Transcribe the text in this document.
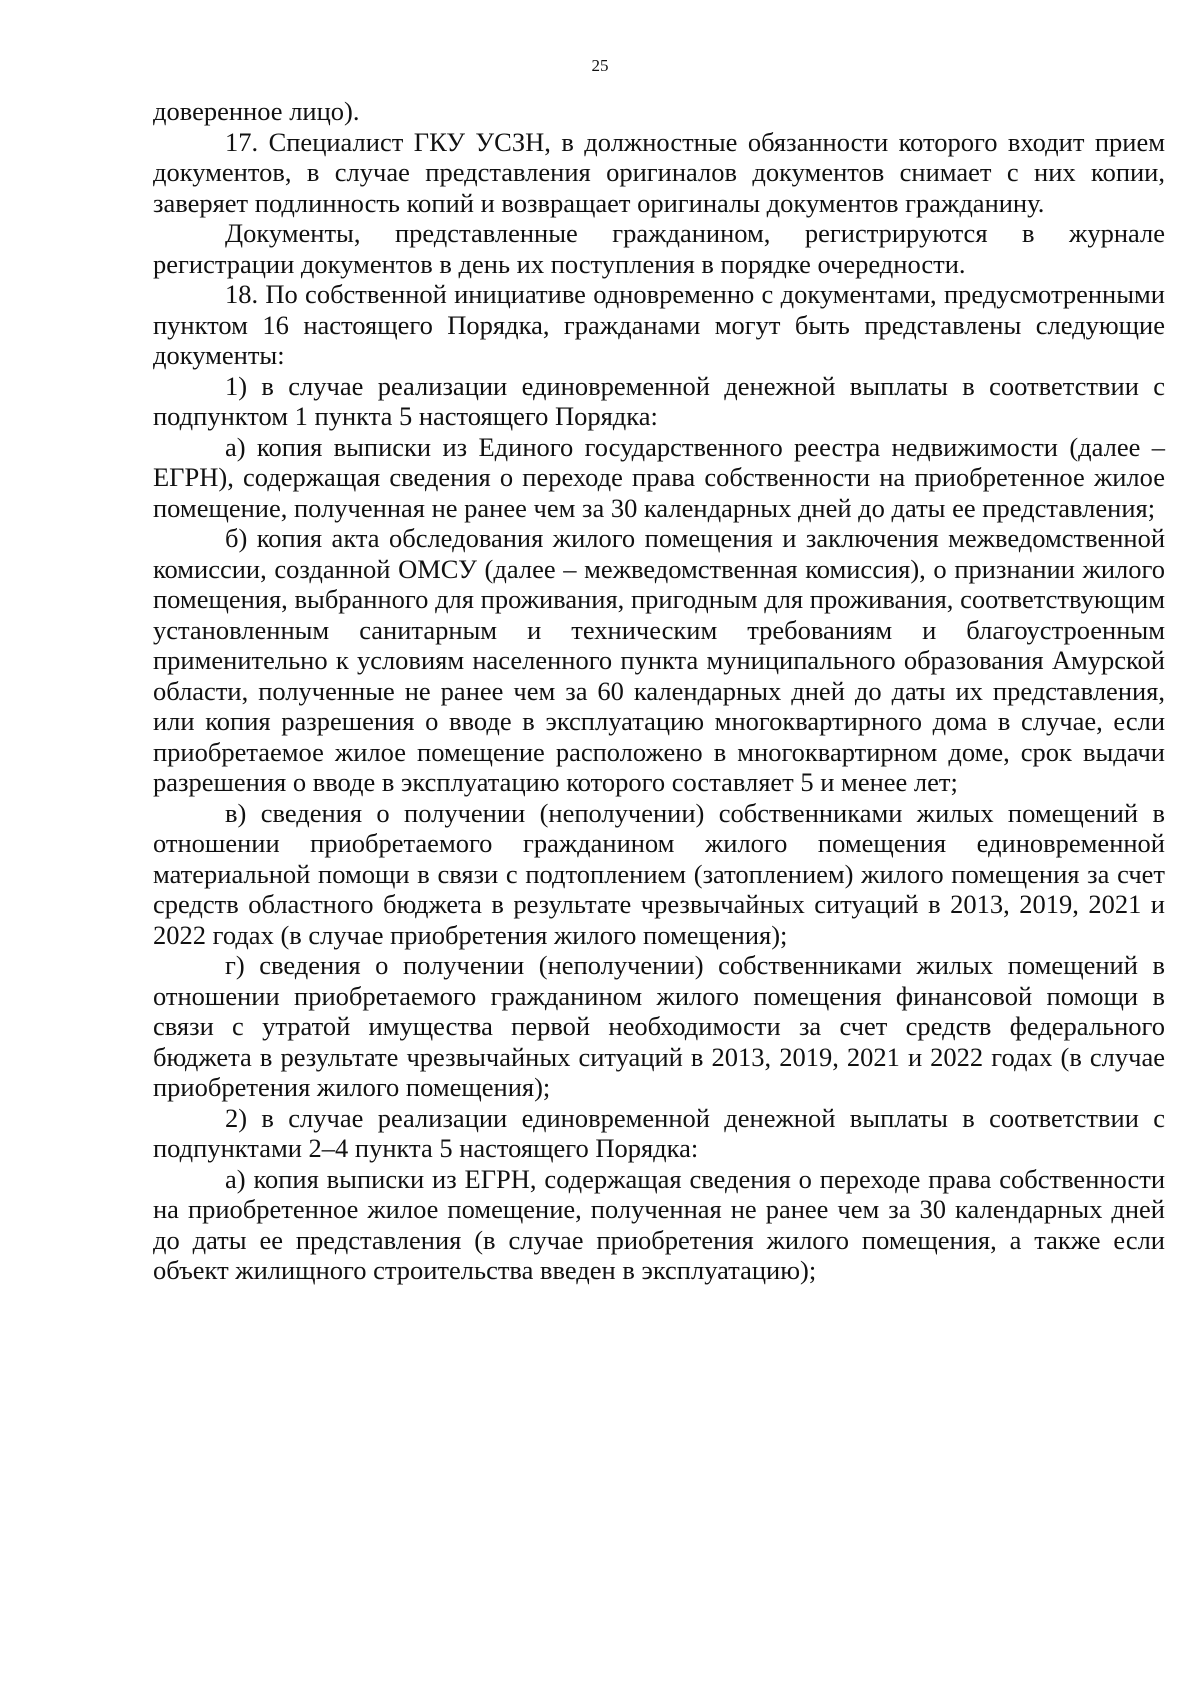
25

доверенное лицо).

17. Специалист ГКУ УСЗН, в должностные обязанности которого входит прием документов, в случае представления оригиналов документов снимает с них копии, заверяет подлинность копий и возвращает оригиналы документов гражданину.

Документы, представленные гражданином, регистрируются в журнале регистрации документов в день их поступления в порядке очередности.

18. По собственной инициативе одновременно с документами, предусмотренными пунктом 16 настоящего Порядка, гражданами могут быть представлены следующие документы:

1) в случае реализации единовременной денежной выплаты в соответствии с подпунктом 1 пункта 5 настоящего Порядка:

а) копия выписки из Единого государственного реестра недвижимости (далее – ЕГРН), содержащая сведения о переходе права собственности на приобретенное жилое помещение, полученная не ранее чем за 30 календарных дней до даты ее представления;

б) копия акта обследования жилого помещения и заключения межведомственной комиссии, созданной ОМСУ (далее – межведомственная комиссия), о признании жилого помещения, выбранного для проживания, пригодным для проживания, соответствующим установленным санитарным и техническим требованиям и благоустроенным применительно к условиям населенного пункта муниципального образования Амурской области, полученные не ранее чем за 60 календарных дней до даты их представления, или копия разрешения о вводе в эксплуатацию многоквартирного дома в случае, если приобретаемое жилое помещение расположено в многоквартирном доме, срок выдачи разрешения о вводе в эксплуатацию которого составляет 5 и менее лет;

в) сведения о получении (неполучении) собственниками жилых помещений в отношении приобретаемого гражданином жилого помещения единовременной материальной помощи в связи с подтоплением (затоплением) жилого помещения за счет средств областного бюджета в результате чрезвычайных ситуаций в 2013, 2019, 2021 и 2022 годах (в случае приобретения жилого помещения);

г) сведения о получении (неполучении) собственниками жилых помещений в отношении приобретаемого гражданином жилого помещения финансовой помощи в связи с утратой имущества первой необходимости за счет средств федерального бюджета в результате чрезвычайных ситуаций в 2013, 2019, 2021 и 2022 годах (в случае приобретения жилого помещения);

2) в случае реализации единовременной денежной выплаты в соответствии с подпунктами 2–4 пункта 5 настоящего Порядка:

а) копия выписки из ЕГРН, содержащая сведения о переходе права собственности на приобретенное жилое помещение, полученная не ранее чем за 30 календарных дней до даты ее представления (в случае приобретения жилого помещения, а также если объект жилищного строительства введен в эксплуатацию);
